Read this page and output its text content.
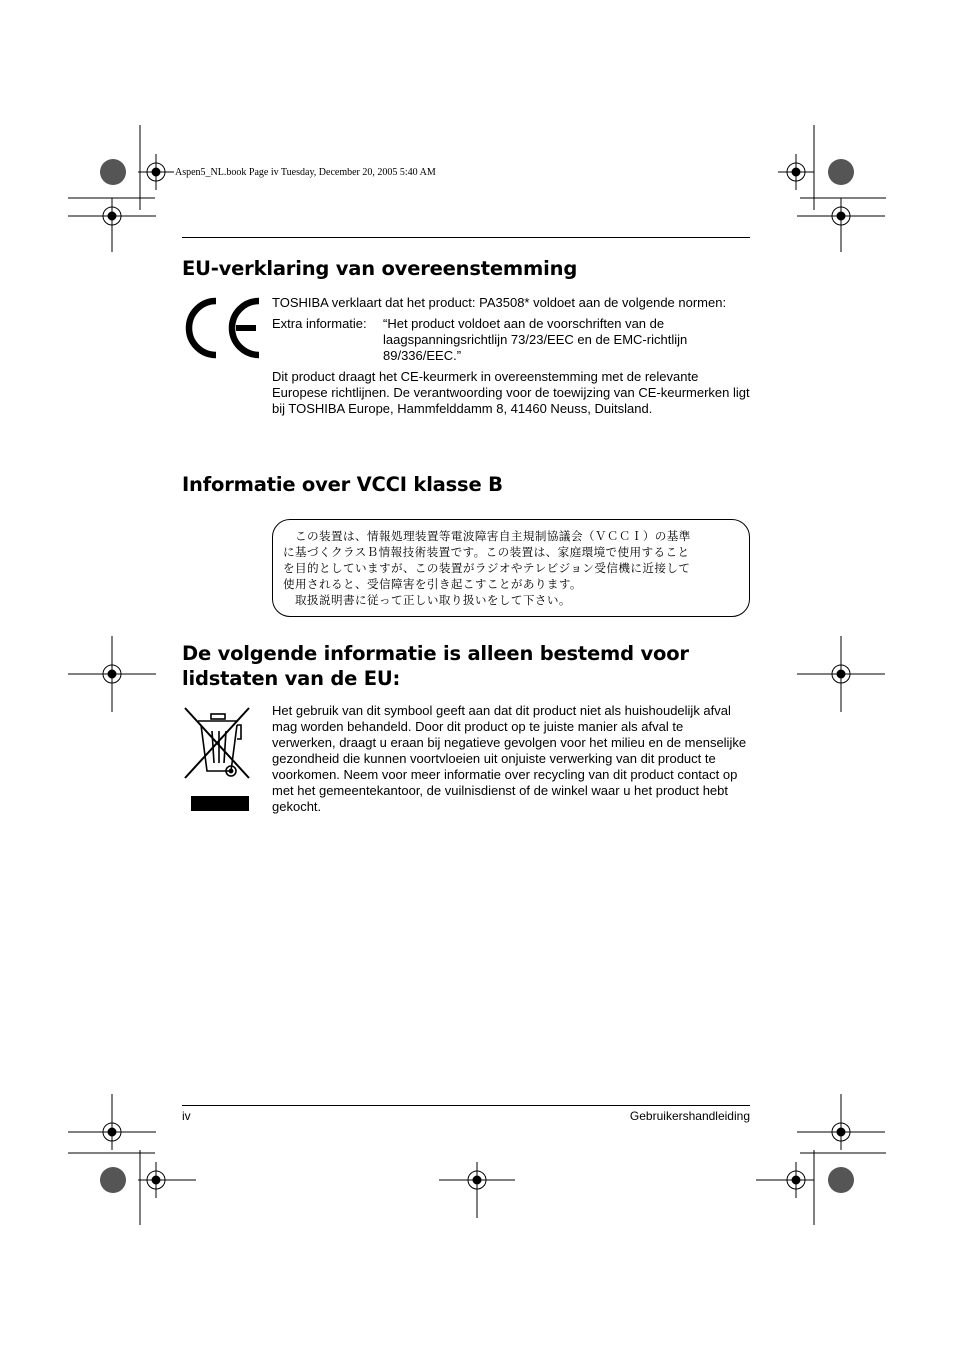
Aspen5_NL.book Page iv Tuesday, December 20, 2005 5:40 AM
EU-verklaring van overeenstemming

TOSHIBA verklaart dat het product: PA3508* voldoet aan de volgende normen:

Extra informatie:	“Het product voldoet aan de voorschriften van de laagspanningsrichtlijn 73/23/EEC en de EMC-richtlijn 89/336/EEC.”

Dit product draagt het CE-keurmerk in overeenstemming met de relevante Europese richtlijnen. De verantwoording voor de toewijzing van CE-keurmerken ligt bij TOSHIBA Europe, Hammfelddamm 8, 41460 Neuss, Duitsland.

Informatie over VCCI klasse B
　この装置は、情報処理装置等電波障害自主規制協議会（ＶＣＣＩ）の基準
に基づくクラスＢ情報技術装置です。この装置は、家庭環境で使用すること
を目的としていますが、この装置がラジオやテレビジョン受信機に近接して
使用されると、受信障害を引き起こすことがあります。
　取扱説明書に従って正しい取り扱いをして下さい。
De volgende informatie is alleen bestemd voor
lidstaten van de EU:

Het gebruik van dit symbool geeft aan dat dit product niet als huishoudelijk afval mag worden behandeld. Door dit product op te juiste manier als afval te verwerken, draagt u eraan bij negatieve gevolgen voor het milieu en de menselijke gezondheid die kunnen voortvloeien uit onjuiste verwerking van dit product te voorkomen. Neem voor meer informatie over recycling van dit product contact op met het gemeentekantoor, de vuilnisdienst of de winkel waar u het product hebt gekocht.

iv	Gebruikershandleiding
